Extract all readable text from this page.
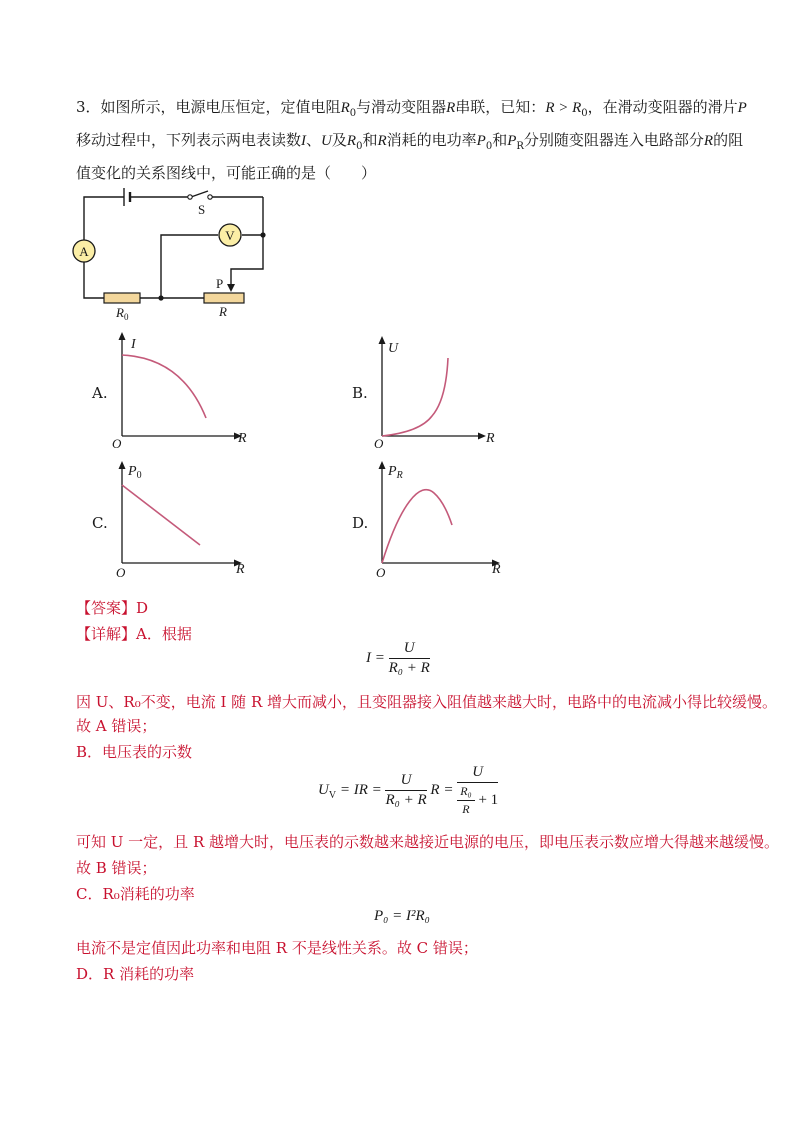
3．如图所示，电源电压恒定，定值电阻$R_0$与滑动变阻器R串联，已知：$R > R_0$，在滑动变阻器的滑片P
移动过程中，下列表示两电表读数I、U及$R_0$和R消耗的电功率$P_0$和$P_R$分别随变阻器连入电路部分R的阻
值变化的关系图线中，可能正确的是（　　）
A
V
S
P
$R_0$	R
A.
I
R
O
B.
U
R
O
C.
$P_0$
R
O
D.
$P_R$
R
O
【答案】D
【详解】A．根据
$I = \frac{U}{\text{R₀ + R}}$
因 U、R₀不变，电流 I 随 R 增大而减小，且变阻器接入阻值越来越大时，电路中的电流减小得比较缓慢。
故 A 错误；
B．电压表的示数
$U_V$ = IR = $\frac{U}{\text{R₀ + R}}$ $R = \frac{U}{\frac{\text{R₀}}{R} + 1}$
可知 U 一定，且 R 越增大时，电压表的示数越来越接近电源的电压，即电压表示数应增大得越来越缓慢。
故 B 错误；
C．R₀消耗的功率
P₀ = I²R₀
电流不是定值因此功率和电阻 R 不是线性关系。故 C 错误；
D．R 消耗的功率
